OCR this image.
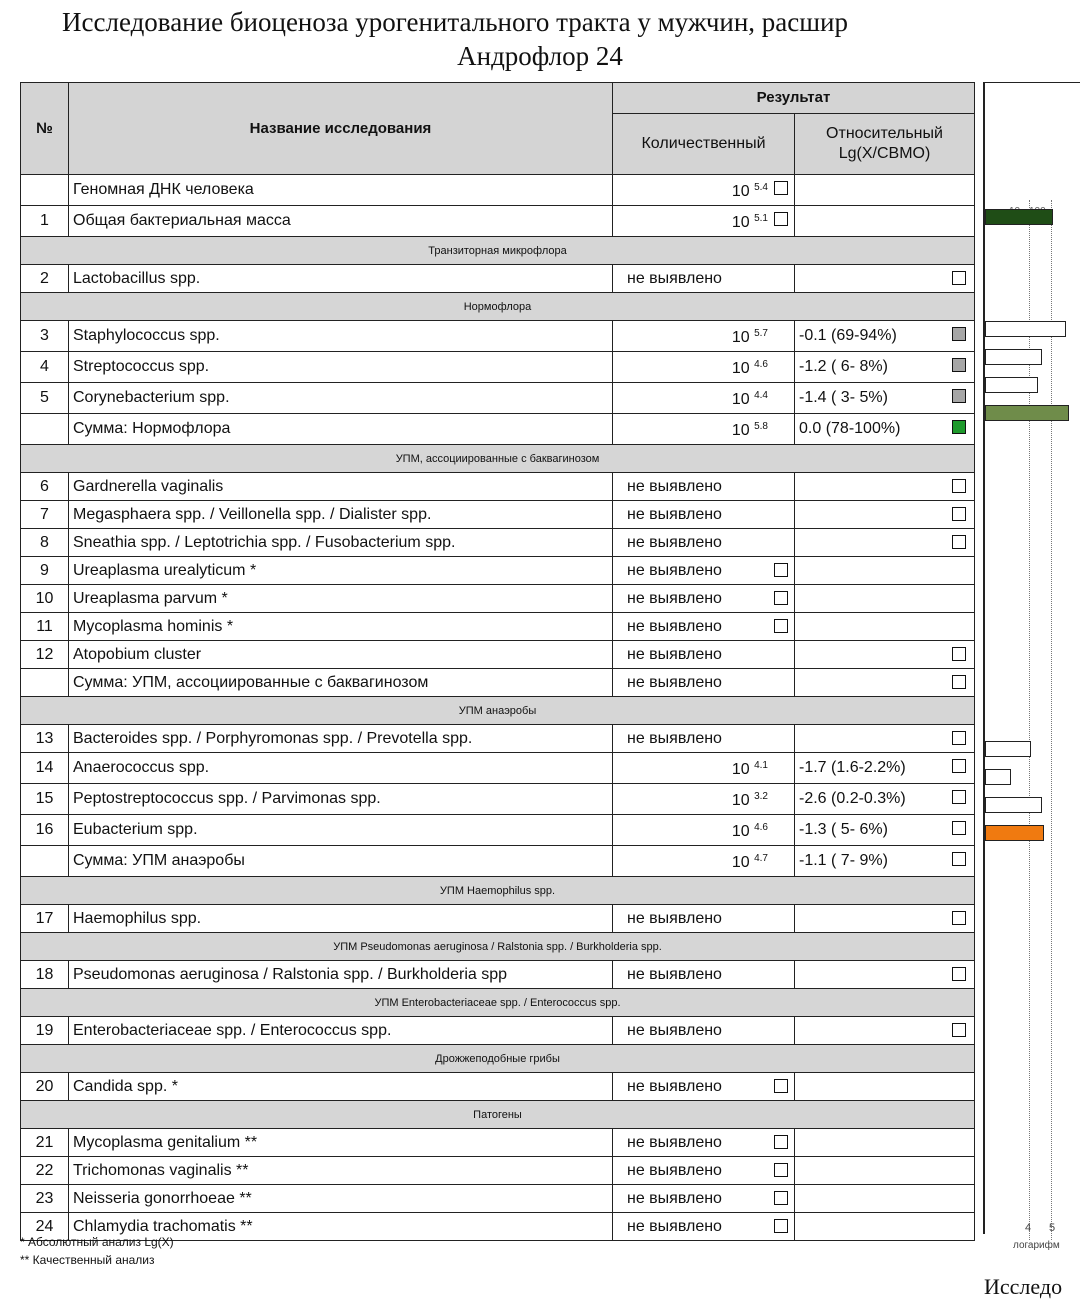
Исследование биоценоза урогенитального тракта у мужчин, расшир
Андрофлор 24
№	Название исследования	Результат	
		Количественный	Относительный
Lg(X/СВМО)
	Геномная ДНК человека	10 $^{5.4}$

1	Общая бактериальная масса	10 $^{5.1}$

Транзиторная микрофлора			
2	Lactobacillus spp.	не выявлено	

Нормофлора			
3	Staphylococcus spp.	10 $^{5.7}$	-0.1 (69-94%)

4	Streptococcus spp.	10 $^{4.6}$	-1.2 ( 6- 8%)

5	Corynebacterium spp.	10 $^{4.4}$	-1.4 ( 3- 5%)

	Сумма: Нормофлора	10 $^{5.8}$	0.0 (78-100%)

УПМ, ассоциированные с баквагинозом			
6	Gardnerella vaginalis	не выявлено	

7	Megasphaera spp. / Veillonella spp. / Dialister spp.	не выявлено	

8	Sneathia spp. / Leptotrichia spp. / Fusobacterium spp.	не выявлено	

9	Ureaplasma urealyticum *	не выявлено

10	Ureaplasma parvum *	не выявлено

11	Mycoplasma hominis *	не выявлено

12	Atopobium cluster	не выявлено	

	Сумма: УПМ, ассоциированные с баквагинозом	не выявлено	

УПМ анаэробы			
13	Bacteroides spp. / Porphyromonas spp. / Prevotella spp.	не выявлено	

14	Anaerococcus spp.	10 $^{4.1}$	-1.7 (1.6-2.2%)

15	Peptostreptococcus spp. / Parvimonas spp.	10 $^{3.2}$	-2.6 (0.2-0.3%)

16	Eubacterium spp.	10 $^{4.6}$	-1.3 ( 5- 6%)

	Сумма: УПМ анаэробы	10 $^{4.7}$	-1.1 ( 7- 9%)

УПМ Haemophilus spp.			
17	Haemophilus spp.	не выявлено	

УПМ Pseudomonas aeruginosa / Ralstonia spp. / Burkholderia spp.			
18	Pseudomonas aeruginosa / Ralstonia spp. / Burkholderia spp	не выявлено	

УПМ Enterobacteriaceae spp. / Enterococcus spp.			
19	Enterobacteriaceae spp. / Enterococcus spp.	не выявлено	

Дрожжеподобные грибы			
20	Candida spp. *	не выявлено

Патогены			
21	Mycoplasma genitalium **	не выявлено

22	Trichomonas vaginalis **	не выявлено

23	Neisseria gonorrhoeae **	не выявлено

24	Chlamydia trachomatis **	не выявлено
		4 5
логарифм
* Абсолютный анализ Lg(X)
** Качественный анализ
Исследо
